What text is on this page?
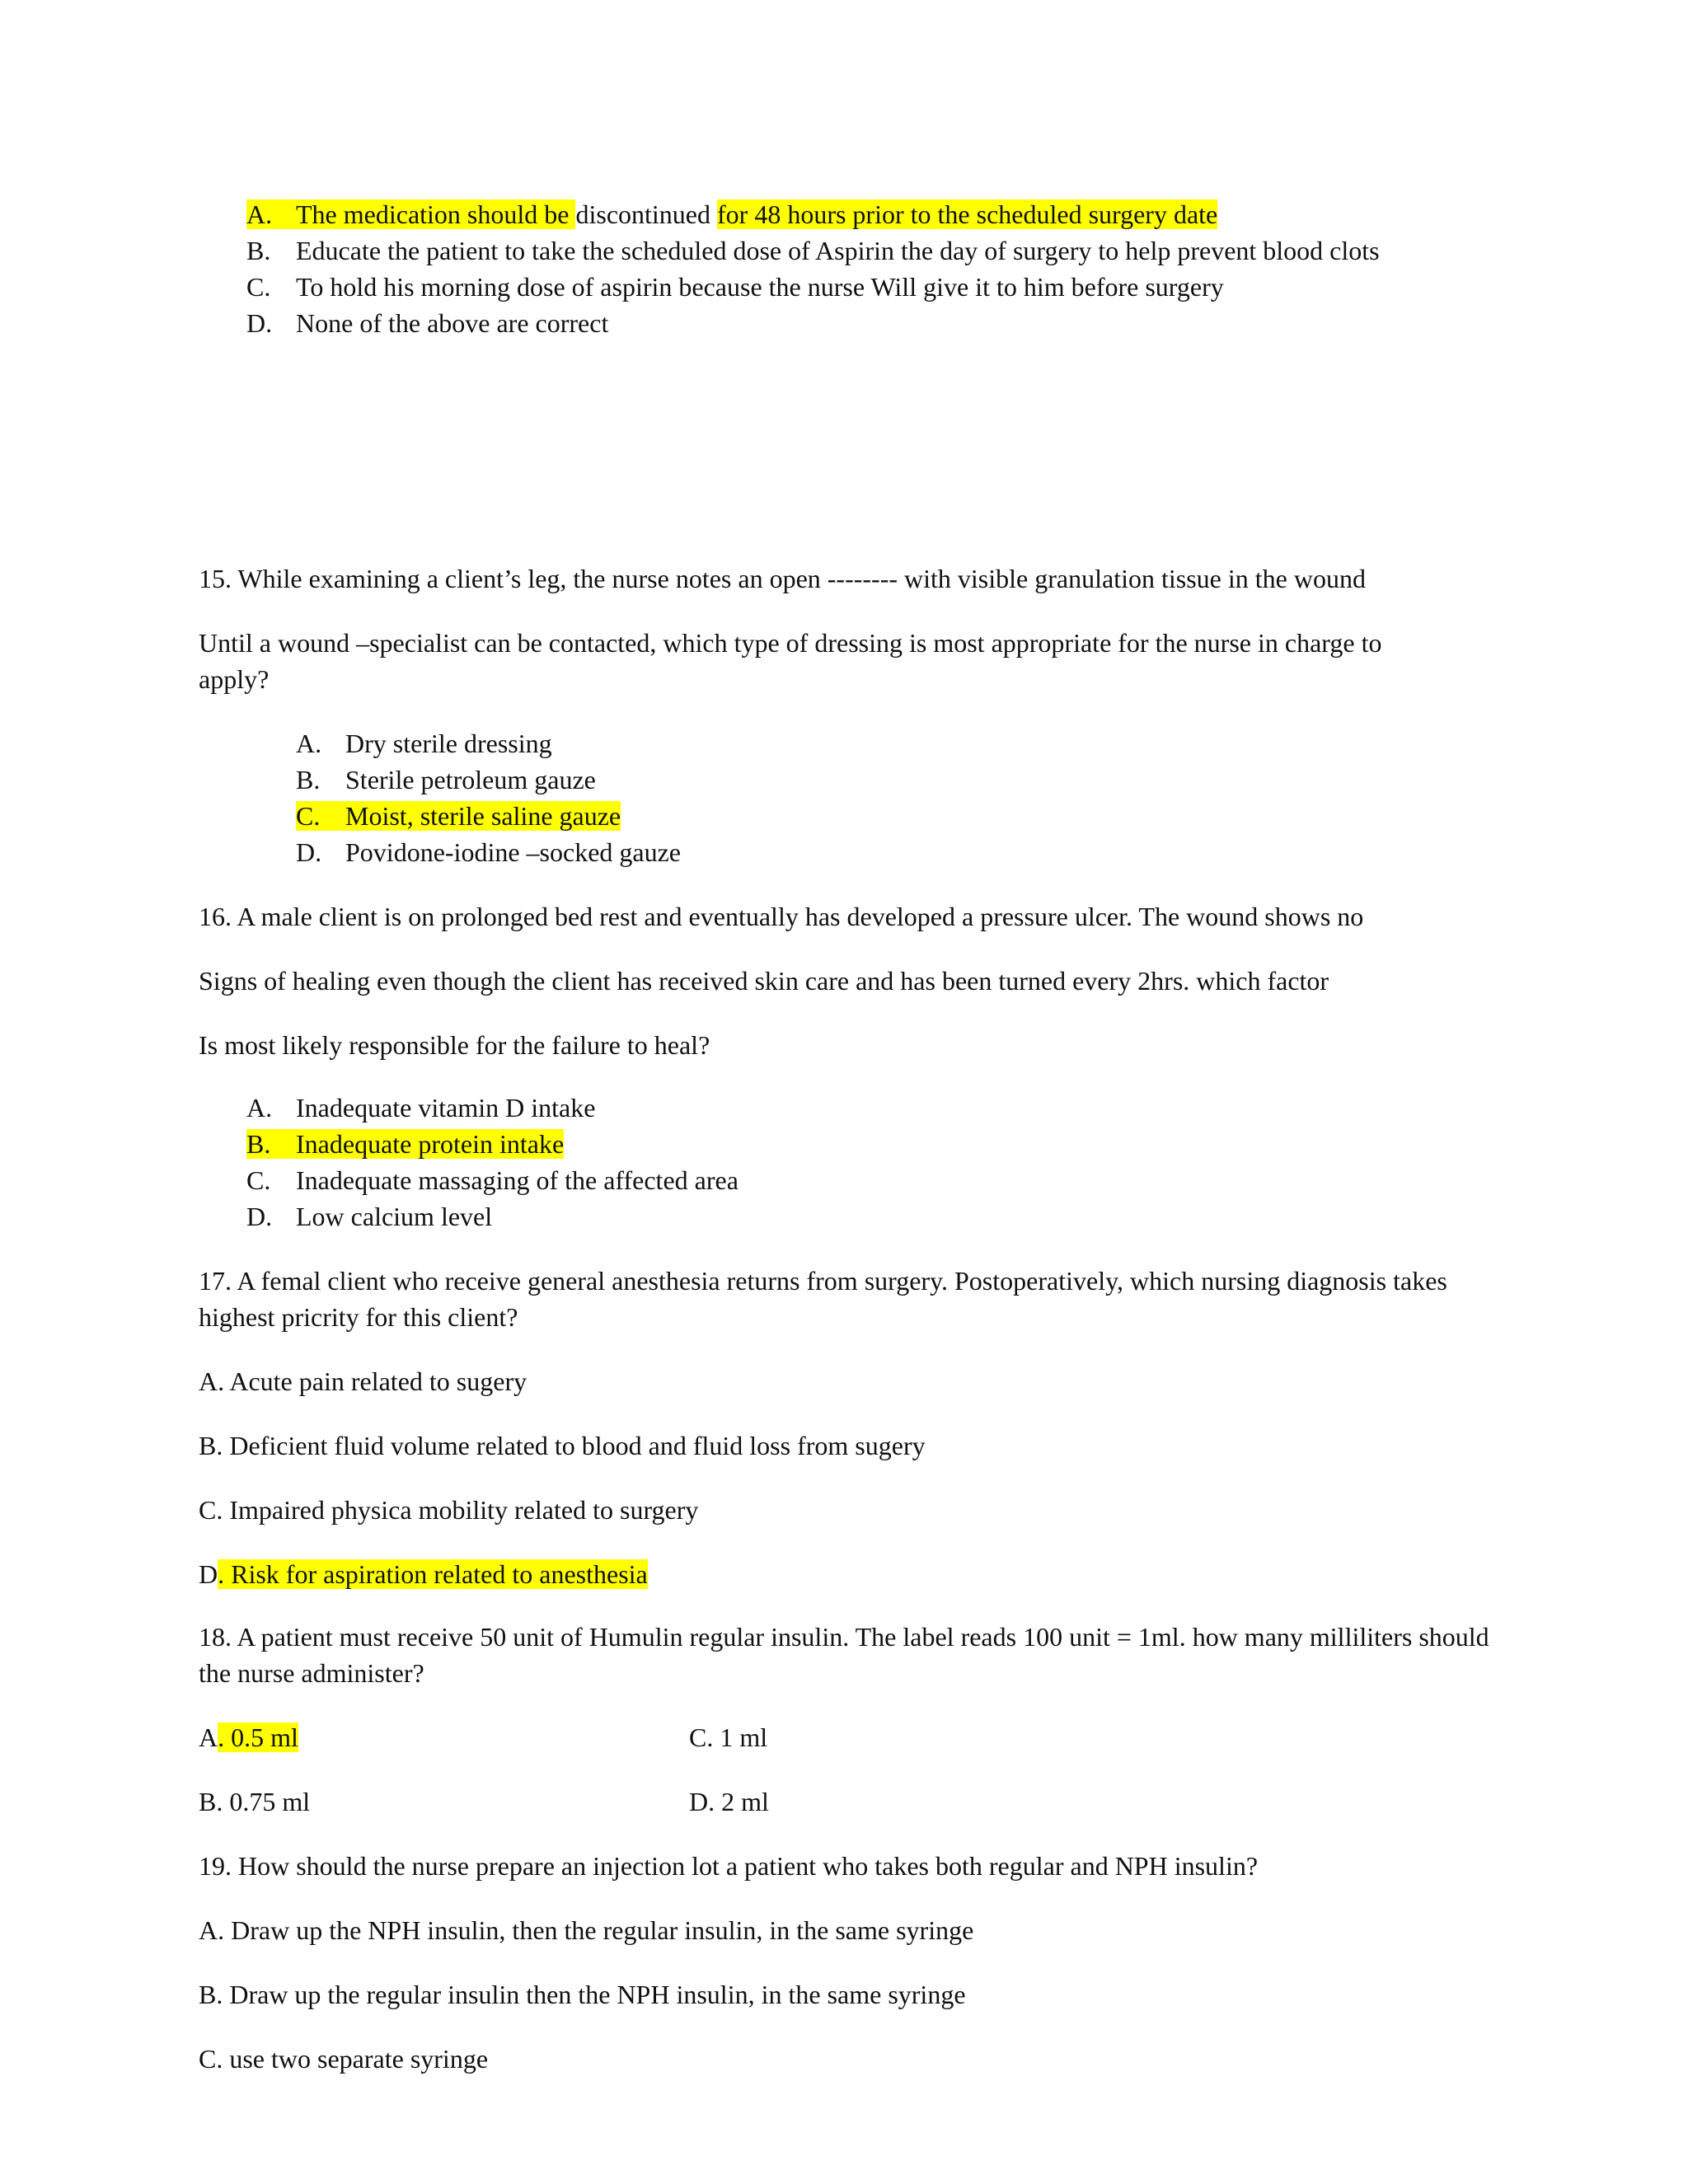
A. The medication should be discontinued for 48 hours prior to the scheduled surgery date
B. Educate the patient to take the scheduled dose of Aspirin the day of surgery to help prevent blood clots
C. To hold his morning dose of aspirin because the nurse Will give it to him before surgery
D. None of the above are correct
15. While examining a client’s leg, the nurse notes an open -------- with visible granulation tissue in the wound
Until a wound –specialist can be contacted, which type of dressing is most appropriate for the nurse in charge to apply?
A. Dry sterile dressing
B. Sterile petroleum gauze
C. Moist, sterile saline gauze
D. Povidone-iodine –socked gauze
16. A male client is on prolonged bed rest and eventually has developed a pressure ulcer. The wound shows no
Signs of healing even though the client has received skin care and has been turned every 2hrs. which factor
Is most likely responsible for the failure to heal?
A. Inadequate vitamin D intake
B. Inadequate protein intake
C. Inadequate massaging of the affected area
D. Low calcium level
17. A femal client who receive general anesthesia returns from surgery. Postoperatively, which nursing diagnosis takes highest pricrity for this client?
A. Acute pain related to sugery
B. Deficient fluid volume related to blood and fluid loss from sugery
C. Impaired physica mobility related to surgery
D. Risk for aspiration related to anesthesia
18. A patient must receive 50 unit of Humulin regular insulin. The label reads 100 unit = 1ml. how many milliliters should the nurse administer?
A. 0.5 ml	C. 1 ml
B. 0.75 ml	D. 2 ml
19. How should the nurse prepare an injection lot a patient who takes both regular and NPH insulin?
A. Draw up the NPH insulin, then the regular insulin, in the same syringe
B. Draw up the regular insulin then the NPH insulin, in the same syringe
C. use two separate syringe
